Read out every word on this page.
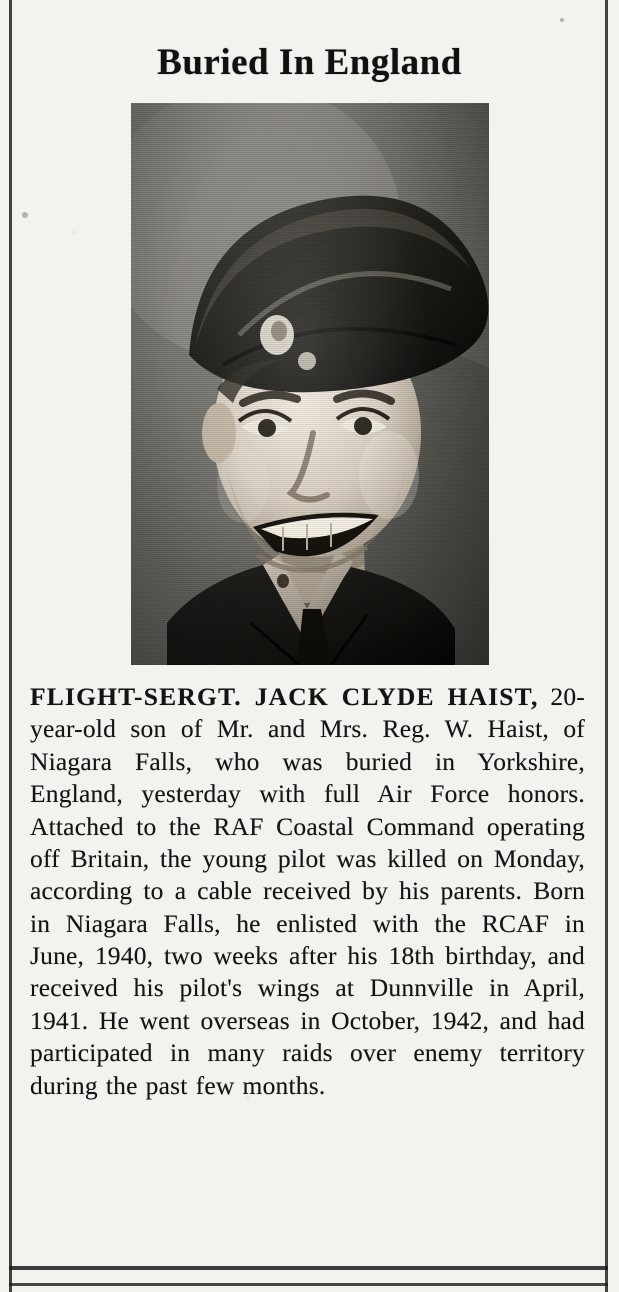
Buried In England

FLIGHT-SERGT. JACK CLYDE HAIST, 20-year-old son of Mr. and Mrs. Reg. W. Haist, of Niagara Falls, who was buried in Yorkshire, England, yesterday with full Air Force honors. Attached to the RAF Coastal Command operating off Britain, the young pilot was killed on Monday, according to a cable received by his parents. Born in Niagara Falls, he enlisted with the RCAF in June, 1940, two weeks after his 18th birthday, and received his pilot's wings at Dunnville in April, 1941. He went overseas in October, 1942, and had participated in many raids over enemy territory during the past few months.
